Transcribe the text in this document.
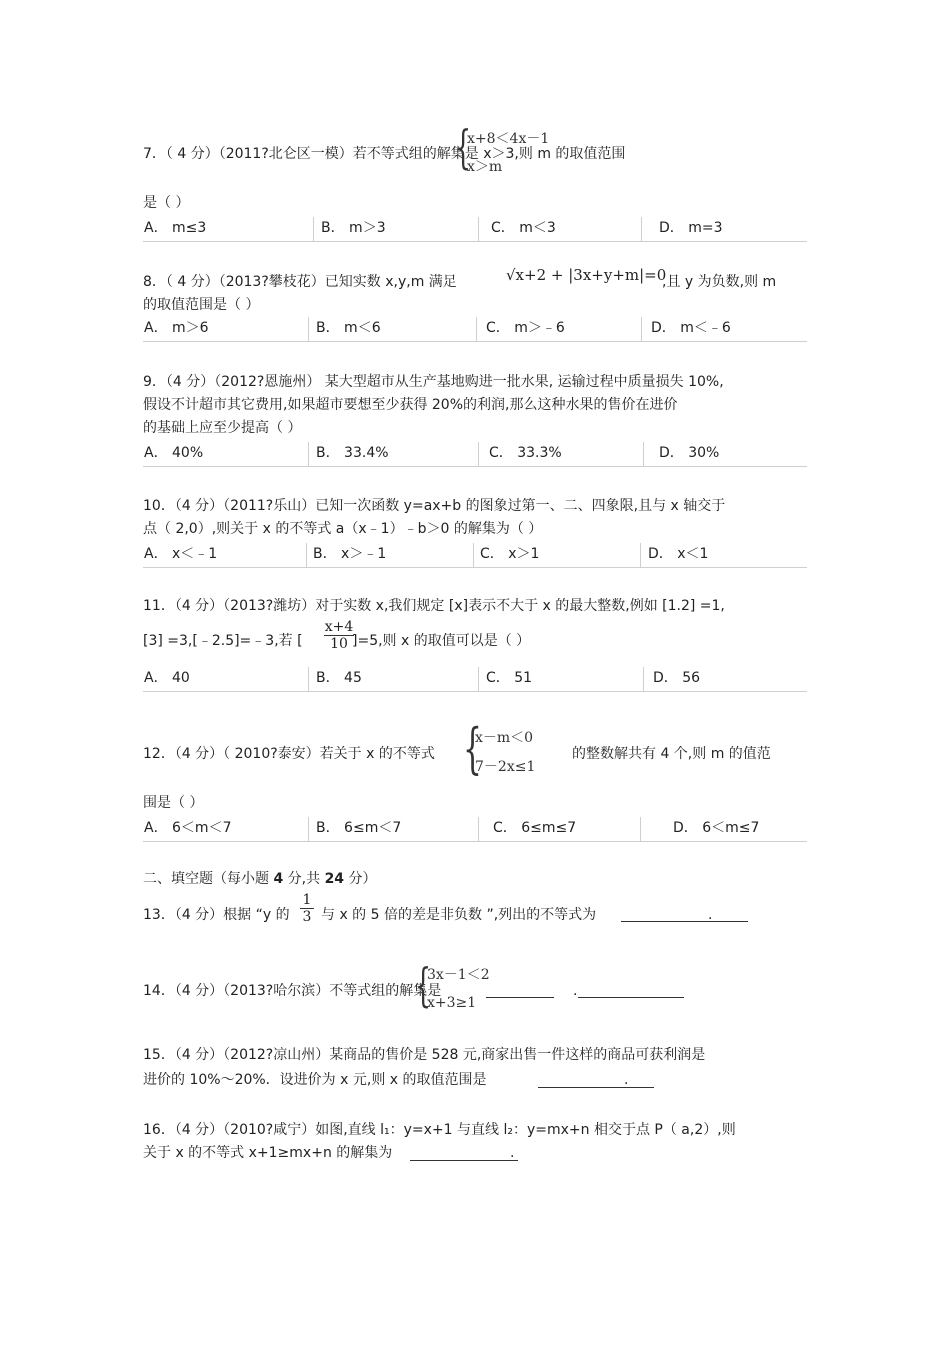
7．（ 4 分）（2011?北仑区一模）若不等式组的解集是 x＞3,则 m 的取值范围
{
x+8＜4x－1
x＞m
是（ ）
A． m≤3	B． m＞3	C． m＜3	D． m=3
8．（ 4 分）（2013?攀枝花）已知实数 x,y,m 满足	√x+2 + |3x+y+m|=0
,且 y 为负数,则 m
的取值范围是（ ）
A． m＞6	B． m＜6	C． m＞﹣6	D． m＜﹣6
9．（4 分）（2012?恩施州） 某大型超市从生产基地购进一批水果, 运输过程中质量损失 10%,
假设不计超市其它费用,如果超市要想至少获得 20%的利润,那么这种水果的售价在进价
的基础上应至少提高（ ）
A． 40%	B． 33.4%	C． 33.3%	D． 30%
10．（4 分）（2011?乐山）已知一次函数 y=ax+b 的图象过第一、二、四象限,且与 x 轴交于
点（ 2,0）,则关于 x 的不等式 a（x﹣1）﹣b＞0 的解集为（ ）
A． x＜﹣1	B． x＞﹣1	C． x＞1	D． x＜1
11．（4 分）（2013?潍坊）对于实数 x,我们规定 [x]表示不大于 x 的最大整数,例如 [1.2] =1,
[3] =3,[﹣2.5]=﹣3,若 [
x+4
10 ]=5,则 x 的取值可以是（ ）
A． 40	B． 45	C． 51	D． 56
12．（4 分）（ 2010?泰安）若关于 x 的不等式 {
x－m＜0
7－2x≤1
的整数解共有 4 个,则 m 的值范
围是（ ）
A． 6＜m＜7	B． 6≤m＜7	C． 6≤m≤7	D． 6＜m≤7
二、填空题（每小题 4 分,共 24 分）
13．（4 分）根据 “y 的
1
3 与 x 的 5 倍的差是非负数 ”,列出的不等式为	.
14．（4 分）（2013?哈尔滨）不等式组的解集是
{
3x－1＜2
x+3≥1
.
15．（4 分）（2012?凉山州）某商品的售价是 528 元,商家出售一件这样的商品可获利润是
进价的 10%～20%．设进价为 x 元,则 x 的取值范围是	.
16．（4 分）（2010?咸宁）如图,直线 l₁：y=x+1 与直线 l₂：y=mx+n 相交于点 P（ a,2）,则
关于 x 的不等式 x+1≥mx+n 的解集为	.
